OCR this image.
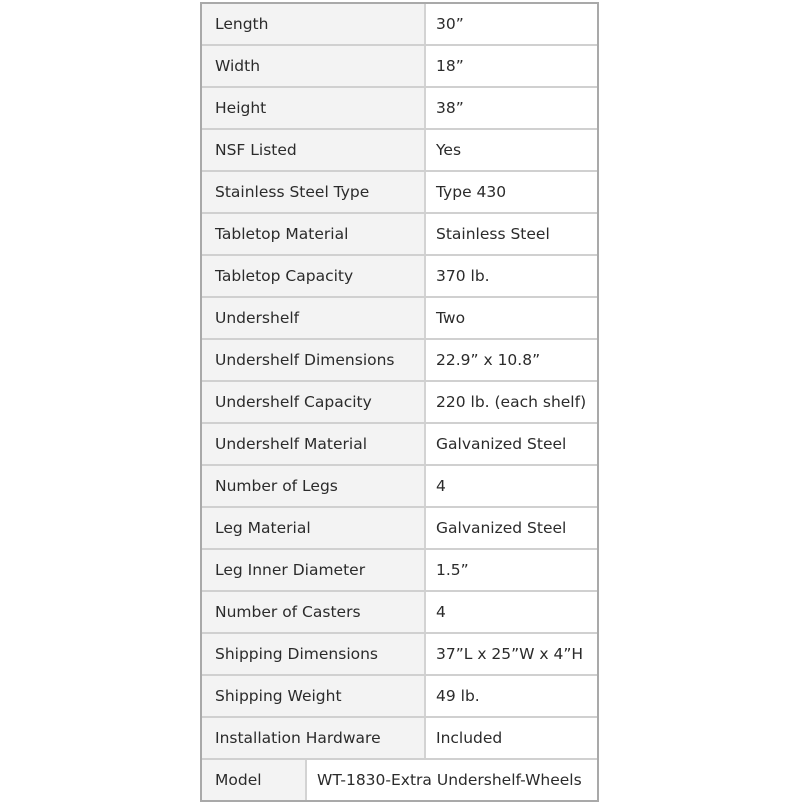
Length	30”
Width	18”
Height	38”
NSF Listed	Yes
Stainless Steel Type	Type 430
Tabletop Material	Stainless Steel
Tabletop Capacity	370 lb.
Undershelf	Two
Undershelf Dimensions	22.9” x 10.8”
Undershelf Capacity	220 lb. (each shelf)
Undershelf Material	Galvanized Steel
Number of Legs	4
Leg Material	Galvanized Steel
Leg Inner Diameter	1.5”
Number of Casters	4
Shipping Dimensions	37”L x 25”W x 4”H
Shipping Weight	49 lb.
Installation Hardware	Included
Model	WT-1830-Extra Undershelf-Wheels
